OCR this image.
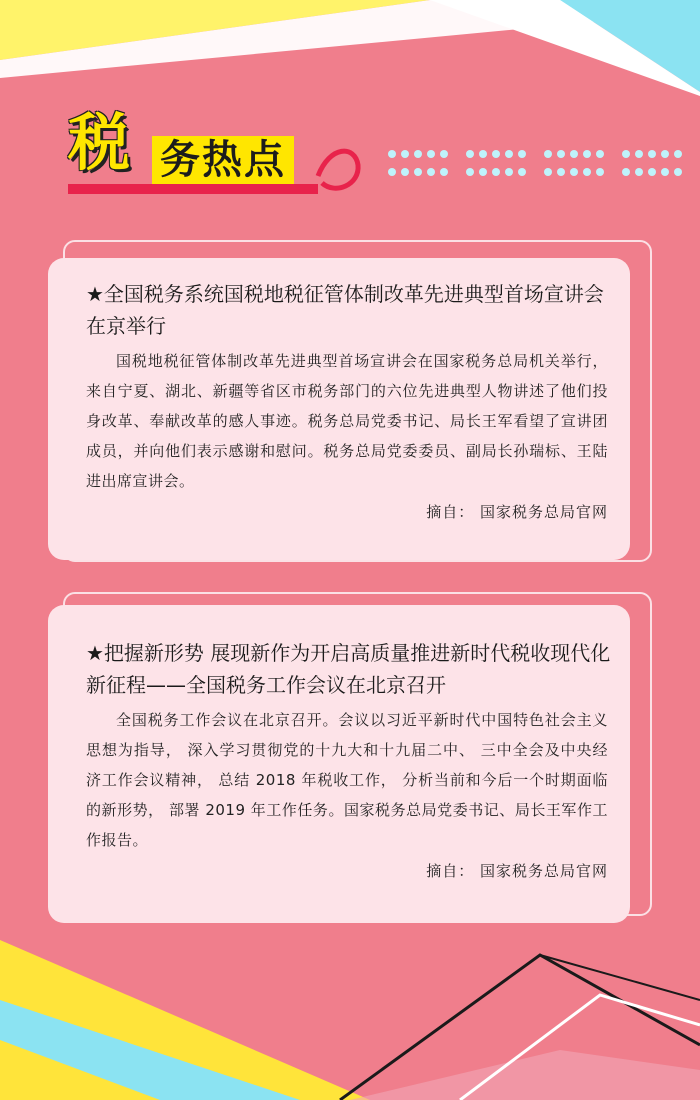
税 务热点
★全国税务系统国税地税征管体制改革先进典型首场宣讲会在京举行
国税地税征管体制改革先进典型首场宣讲会在国家税务总局机关举行，来自宁夏、湖北、新疆等省区市税务部门的六位先进典型人物讲述了他们投身改革、奉献改革的感人事迹。税务总局党委书记、局长王军看望了宣讲团成员，并向他们表示感谢和慰问。税务总局党委委员、副局长孙瑞标、王陆进出席宣讲会。
摘自： 国家税务总局官网
★把握新形势 展现新作为开启高质量推进新时代税收现代化新征程——全国税务工作会议在北京召开
全国税务工作会议在北京召开。会议以习近平新时代中国特色社会主义思想为指导， 深入学习贯彻党的十九大和十九届二中、 三中全会及中央经济工作会议精神， 总结 2018 年税收工作， 分析当前和今后一个时期面临的新形势， 部署 2019 年工作任务。国家税务总局党委书记、局长王军作工作报告。
摘自： 国家税务总局官网
